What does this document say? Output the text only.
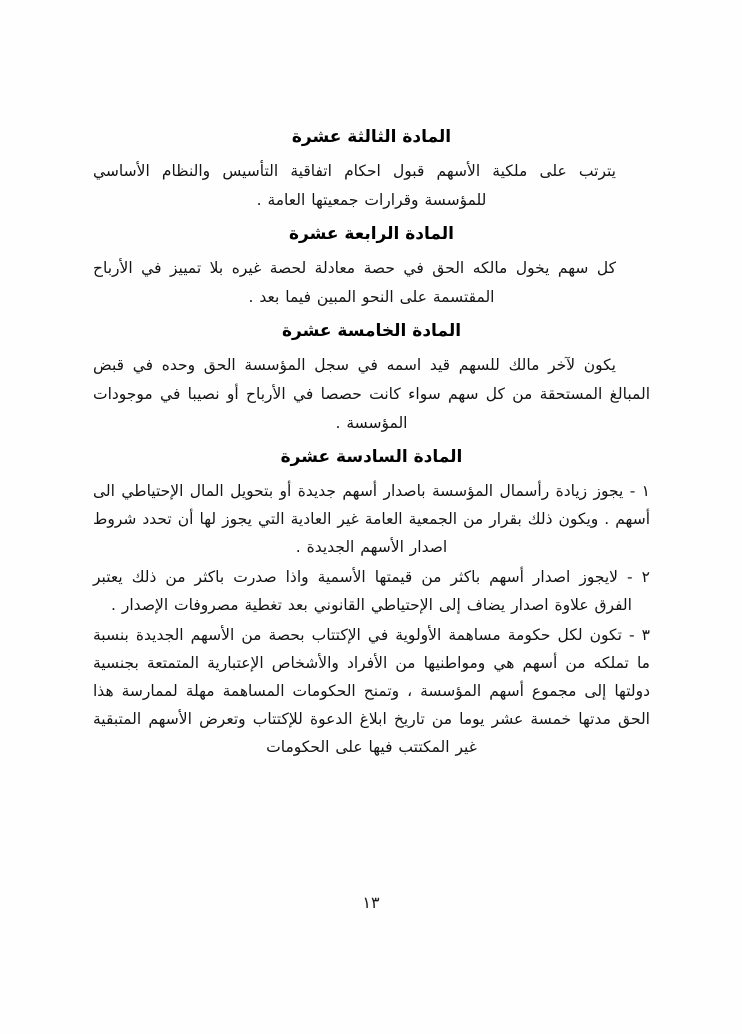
المادة الثالثة عشرة

يترتب على ملكية الأسهم قبول احكام اتفاقية التأسيس والنظام الأساسي للمؤسسة وقرارات جمعيتها العامة .

المادة الرابعة عشرة

كل سهم يخول مالكه الحق في حصة معادلة لحصة غيره بلا تمييز في الأرباح المقتسمة على النحو المبين فيما بعد .

المادة الخامسة عشرة

يكون لآخر مالك للسهم قيد اسمه في سجل المؤسسة الحق وحده في قبض المبالغ المستحقة من كل سهم سواء كانت حصصا في الأرباح أو نصيبا في موجودات المؤسسة .

المادة السادسة عشرة

١ - يجوز زيادة رأسمال المؤسسة باصدار أسهم جديدة أو بتحويل المال الإحتياطي الى أسهم . ويكون ذلك بقرار من الجمعية العامة غير العادية التي يجوز لها أن تحدد شروط اصدار الأسهم الجديدة .

٢ - لايجوز اصدار أسهم باكثر من قيمتها الأسمية واذا صدرت باكثر من ذلك يعتبر الفرق علاوة اصدار يضاف إلى الإحتياطي القانوني بعد تغطية مصروفات الإصدار .

٣ - تكون لكل حكومة مساهمة الأولوية في الإكتتاب بحصة من الأسهم الجديدة بنسبة ما تملكه من أسهم هي ومواطنيها من الأفراد والأشخاص الإعتبارية المتمتعة بجنسية دولتها إلى مجموع أسهم المؤسسة ، وتمنح الحكومات المساهمة مهلة لممارسة هذا الحق مدتها خمسة عشر يوما من تاريخ ابلاغ الدعوة للإكتتاب وتعرض الأسهم المتبقية غير المكتتب فيها على الحكومات

١٣
